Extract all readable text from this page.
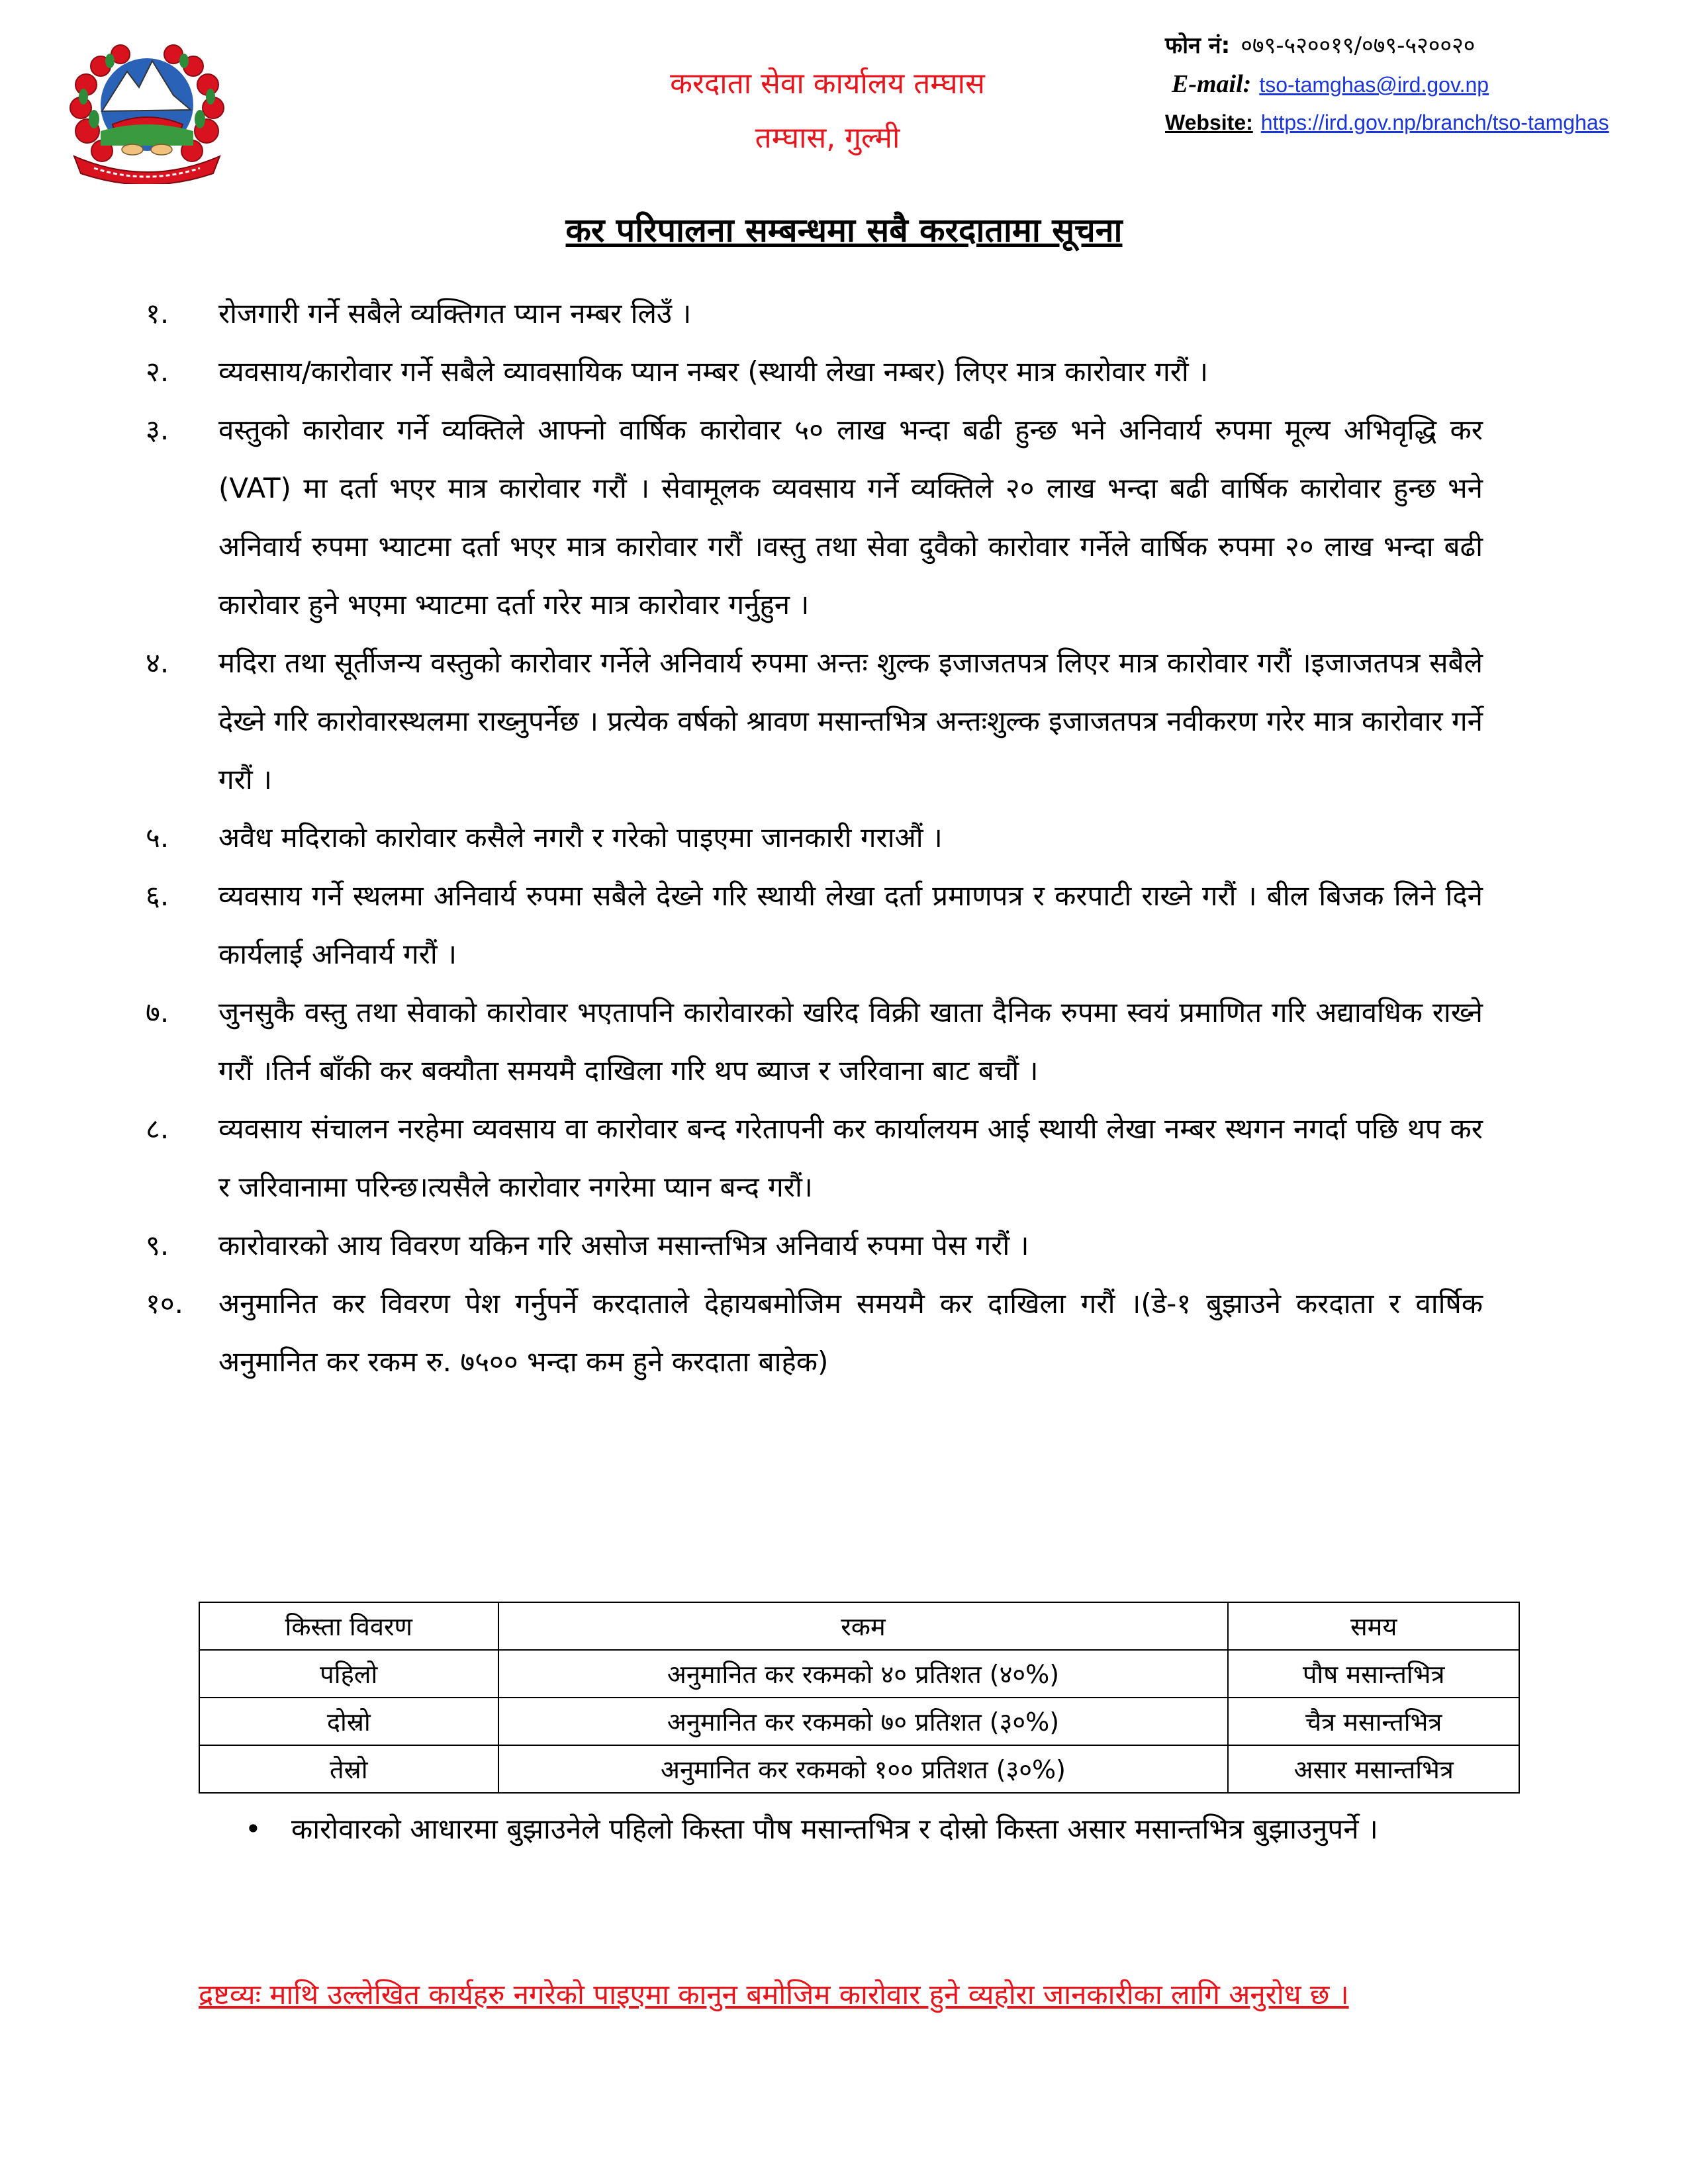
करदाता सेवा कार्यालय तम्घास
तम्घास, गुल्मी
फोन नं: ०७९-५२००१९/०७९-५२००२०
E-mail: tso-tamghas@ird.gov.np
Website: https://ird.gov.np/branch/tso-tamghas
कर परिपालना सम्बन्धमा सबै करदातामा सूचना
१.	रोजगारी गर्ने सबैले व्यक्तिगत प्यान नम्बर लिउँ ।
२.	व्यवसाय/कारोवार गर्ने सबैले व्यावसायिक प्यान नम्बर (स्थायी लेखा नम्बर) लिएर मात्र कारोवार गरौं ।
३.	वस्तुको कारोवार गर्ने व्यक्तिले आफ्नो वार्षिक कारोवार ५० लाख भन्दा बढी हुन्छ भने अनिवार्य रुपमा मूल्य अभिवृद्धि कर (VAT) मा दर्ता भएर मात्र कारोवार गरौं । सेवामूलक व्यवसाय गर्ने व्यक्तिले २० लाख भन्दा बढी वार्षिक कारोवार हुन्छ भने अनिवार्य रुपमा भ्याटमा दर्ता भएर मात्र कारोवार गरौं ।वस्तु तथा सेवा दुवैको कारोवार गर्नेले वार्षिक रुपमा २० लाख भन्दा बढी कारोवार हुने भएमा भ्याटमा दर्ता गरेर मात्र कारोवार गर्नुहुन ।
४.	मदिरा तथा सूर्तीजन्य वस्तुको कारोवार गर्नेले अनिवार्य रुपमा अन्तः शुल्क इजाजतपत्र लिएर मात्र कारोवार गरौं ।इजाजतपत्र सबैले देख्ने गरि कारोवारस्थलमा राख्नुपर्नेछ । प्रत्येक वर्षको श्रावण मसान्तभित्र अन्तःशुल्क इजाजतपत्र नवीकरण गरेर मात्र कारोवार गर्ने गरौं ।
५.	अवैध मदिराको कारोवार कसैले नगरौ र गरेको पाइएमा जानकारी गराऔं ।
६.	व्यवसाय गर्ने स्थलमा अनिवार्य रुपमा सबैले देख्ने गरि स्थायी लेखा दर्ता प्रमाणपत्र र करपाटी राख्ने गरौं । बील बिजक लिने दिने कार्यलाई अनिवार्य गरौं ।
७.	जुनसुकै वस्तु तथा सेवाको कारोवार भएतापनि कारोवारको खरिद विक्री खाता दैनिक रुपमा स्वयं प्रमाणित गरि अद्यावधिक राख्ने गरौं ।तिर्न बाँकी कर बक्यौता समयमै दाखिला गरि थप ब्याज र जरिवाना बाट बचौं ।
८.	व्यवसाय संचालन नरहेमा व्यवसाय वा कारोवार बन्द गरेतापनी कर कार्यालयम आई स्थायी लेखा नम्बर स्थगन नगर्दा पछि थप कर र जरिवानामा परिन्छ।त्यसैले कारोवार नगरेमा प्यान बन्द गरौं।
९.	कारोवारको आय विवरण यकिन गरि असोज मसान्तभित्र अनिवार्य रुपमा पेस गरौं ।
१०.	अनुमानित कर विवरण पेश गर्नुपर्ने करदाताले देहायबमोजिम समयमै कर दाखिला गरौं ।(डे-१ बुझाउने करदाता र वार्षिक अनुमानित कर रकम रु. ७५०० भन्दा कम हुने करदाता बाहेक)
किस्ता विवरण	रकम	समय
पहिलो	अनुमानित कर रकमको ४० प्रतिशत (४०%)	पौष मसान्तभित्र
दोस्रो	अनुमानित कर रकमको ७० प्रतिशत (३०%)	चैत्र मसान्तभित्र
तेस्रो	अनुमानित कर रकमको १०० प्रतिशत (३०%)	असार मसान्तभित्र
•	कारोवारको आधारमा बुझाउनेले पहिलो किस्ता पौष मसान्तभित्र र दोस्रो किस्ता असार मसान्तभित्र बुझाउनुपर्ने ।
द्रष्टव्यः माथि उल्लेखित कार्यहरु नगरेको पाइएमा कानुन बमोजिम कारोवार हुने व्यहोरा जानकारीका लागि अनुरोध छ ।
